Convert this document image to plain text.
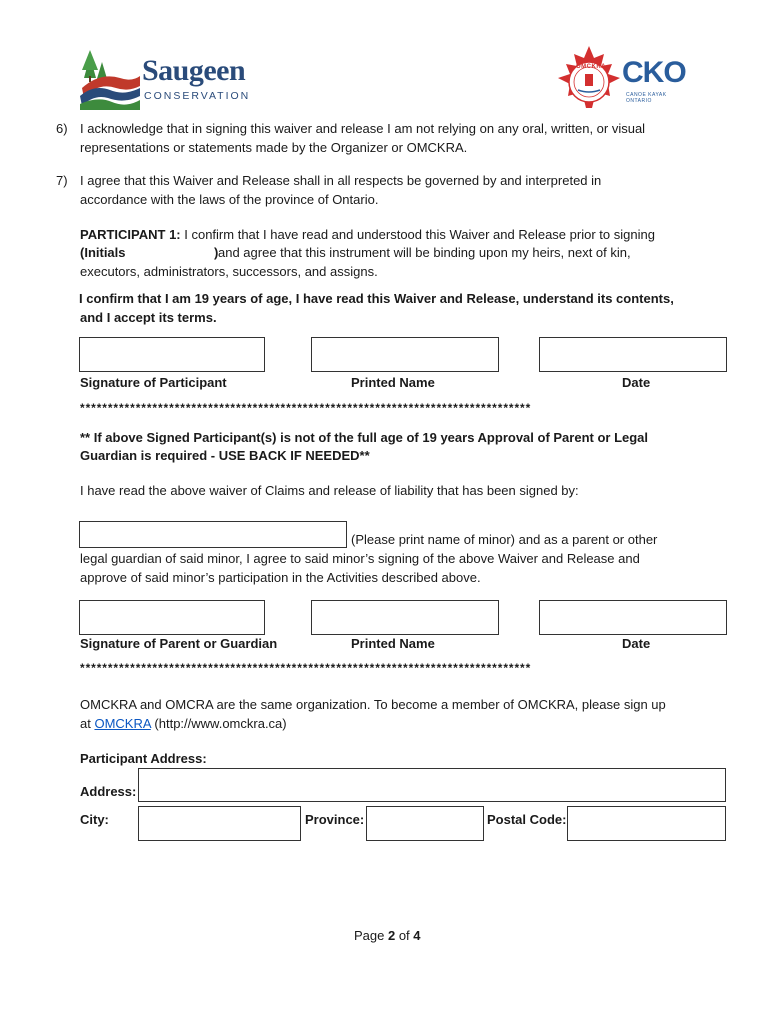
Saugeen
CONSERVATION
OMCKRA CKO
CANOE KAYAK ONTARIO
6) I acknowledge that in signing this waiver and release I am not relying on any oral, written, or visual
representations or statements made by the Organizer or OMCKRA.
7) I agree that this Waiver and Release shall in all respects be governed by and interpreted in
accordance with the laws of the province of Ontario.
PARTICIPANT 1: I confirm that I have read and understood this Waiver and Release prior to signing
(Initials	) and agree that this instrument will be binding upon my heirs, next of kin,
executors, administrators, successors, and assigns.
I confirm that I am 19 years of age, I have read this Waiver and Release, understand its contents,
and I accept its terms.
Signature of Participant	Printed Name	Date
*********************************************************************************
** If above Signed Participant(s) is not of the full age of 19 years Approval of Parent or Legal
Guardian is required - USE BACK IF NEEDED**
I have read the above waiver of Claims and release of liability that has been signed by:
(Please print name of minor) and as a parent or other
legal guardian of said minor, I agree to said minor’s signing of the above Waiver and Release and
approve of said minor’s participation in the Activities described above.
Signature of Parent or Guardian	Printed Name	Date
*********************************************************************************
OMCKRA and OMCRA are the same organization. To become a member of OMCKRA, please sign up
at OMCKRA (http://www.omckra.ca)
Participant Address:
Address:
City:	Province:	Postal Code:
Page 2 of 4
